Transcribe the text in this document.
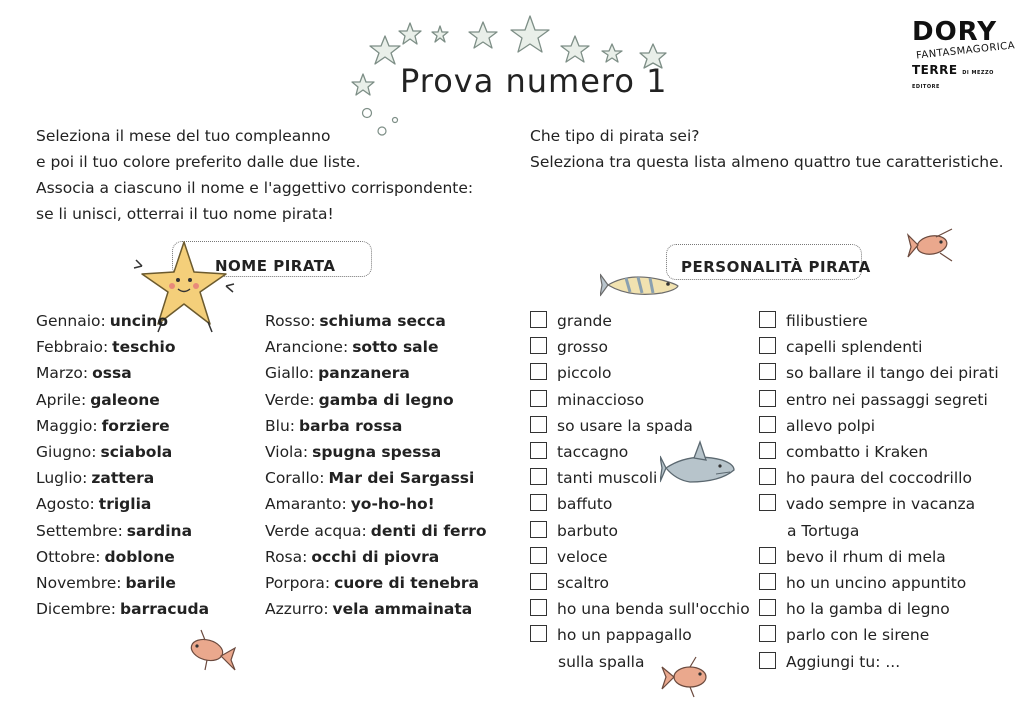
Prova numero 1
DORY
FANTASMAGORICA
TERRE DI MEZZO EDITORE
Seleziona il mese del tuo compleanno
e poi il tuo colore preferito dalle due liste.
Associa a ciascuno il nome e l'aggettivo corrispondente:
se li unisci, otterrai il tuo nome pirata!
Che tipo di pirata sei?
Seleziona tra questa lista almeno quattro tue caratteristiche.
NOME PIRATA	PERSONALITÀ PIRATA
Gennaio: uncino
Febbraio: teschio
Marzo: ossa
Aprile: galeone
Maggio: forziere
Giugno: sciabola
Luglio: zattera
Agosto: triglia
Settembre: sardina
Ottobre: doblone
Novembre: barile
Dicembre: barracuda
Rosso: schiuma secca
Arancione: sotto sale
Giallo: panzanera
Verde: gamba di legno
Blu: barba rossa
Viola: spugna spessa
Corallo: Mar dei Sargassi
Amaranto: yo-ho-ho!
Verde acqua: denti di ferro
Rosa: occhi di piovra
Porpora: cuore di tenebra
Azzurro: vela ammainata
grande
grosso
piccolo
minaccioso
so usare la spada
taccagno
tanti muscoli
baffuto
barbuto
veloce
scaltro
ho una benda sull'occhio
ho un pappagallo
sulla spalla
filibustiere
capelli splendenti
so ballare il tango dei pirati
entro nei passaggi segreti
allevo polpi
combatto i Kraken
ho paura del coccodrillo
vado sempre in vacanza
a Tortuga
bevo il rhum di mela
ho un uncino appuntito
ho la gamba di legno
parlo con le sirene
Aggiungi tu: ...
